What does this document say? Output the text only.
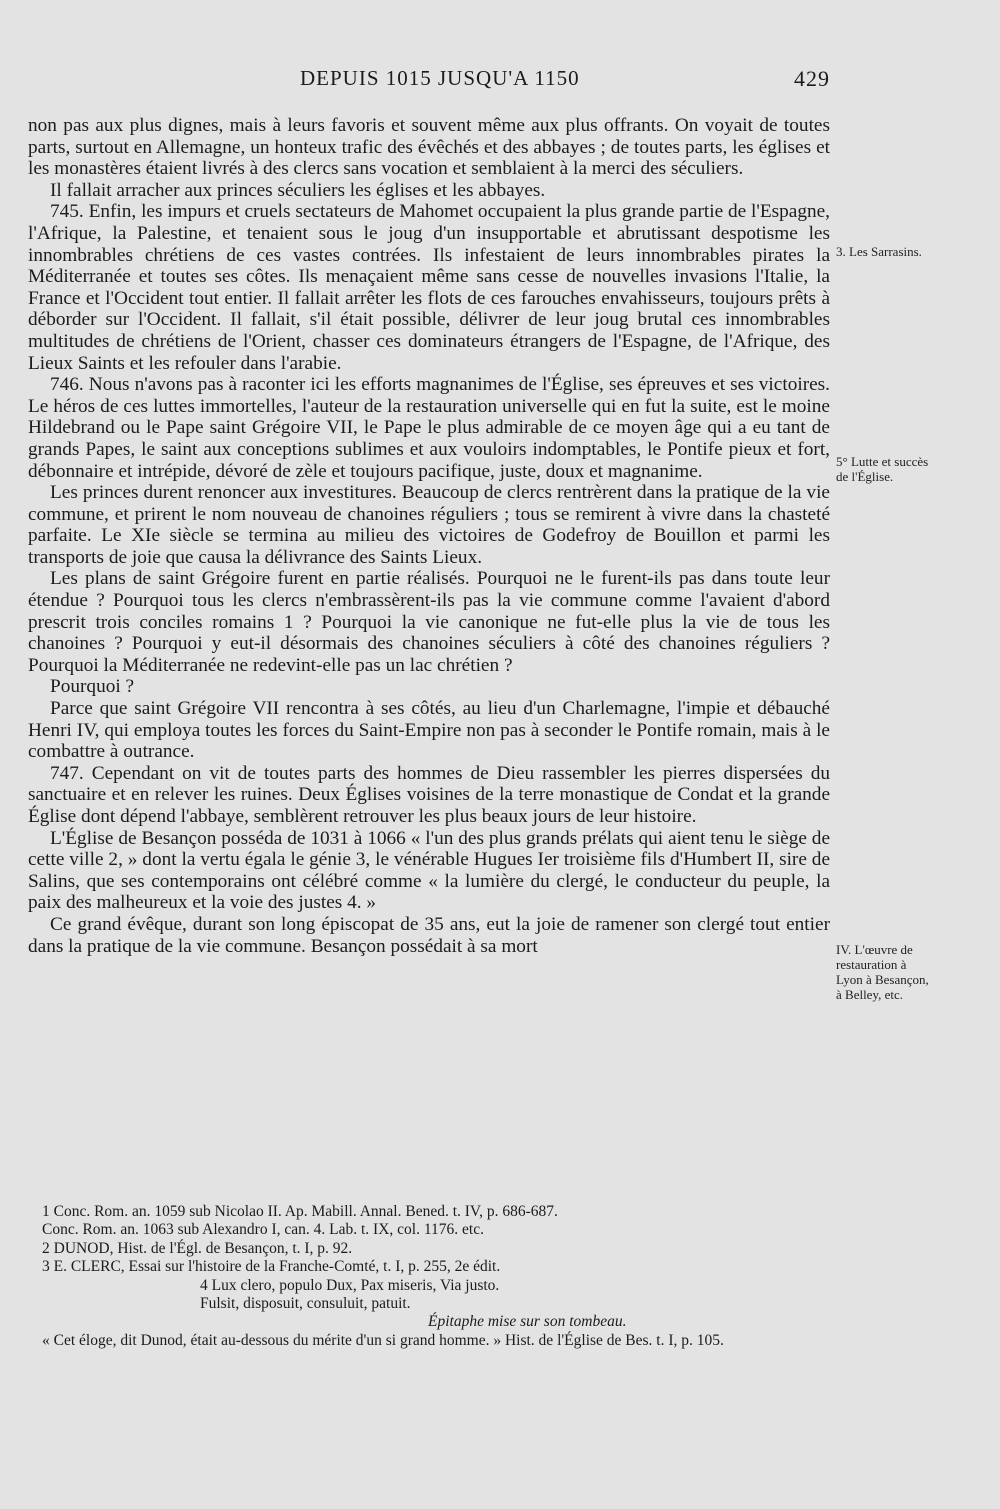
DEPUIS 1015 JUSQU'A 1150	429

non pas aux plus dignes, mais à leurs favoris et souvent même aux plus offrants. On voyait de toutes parts, surtout en Allemagne, un honteux trafic des évêchés et des abbayes ; de toutes parts, les églises et les monastères étaient livrés à des clercs sans vocation et semblaient à la merci des séculiers.

Il fallait arracher aux princes séculiers les églises et les abbayes.

745. Enfin, les impurs et cruels sectateurs de Mahomet occupaient la plus grande partie de l'Espagne, l'Afrique, la Palestine, et tenaient sous le joug d'un insupportable et abrutissant despotisme les innombrables chrétiens de ces vastes contrées. Ils infestaient de leurs innombrables pirates la Méditerranée et toutes ses côtes. Ils menaçaient même sans cesse de nouvelles invasions l'Italie, la France et l'Occident tout entier. Il fallait arrêter les flots de ces farouches envahisseurs, toujours prêts à déborder sur l'Occident. Il fallait, s'il était possible, délivrer de leur joug brutal ces innombrables multitudes de chrétiens de l'Orient, chasser ces dominateurs étrangers de l'Espagne, de l'Afrique, des Lieux Saints et les refouler dans l'arabie.

746. Nous n'avons pas à raconter ici les efforts magnanimes de l'Église, ses épreuves et ses victoires. Le héros de ces luttes immortelles, l'auteur de la restauration universelle qui en fut la suite, est le moine Hildebrand ou le Pape saint Grégoire VII, le Pape le plus admirable de ce moyen âge qui a eu tant de grands Papes, le saint aux conceptions sublimes et aux vouloirs indomptables, le Pontife pieux et fort, débonnaire et intrépide, dévoré de zèle et toujours pacifique, juste, doux et magnanime.

Les princes durent renoncer aux investitures. Beaucoup de clercs rentrèrent dans la pratique de la vie commune, et prirent le nom nouveau de chanoines réguliers ; tous se remirent à vivre dans la chasteté parfaite. Le XIe siècle se termina au milieu des victoires de Godefroy de Bouillon et parmi les transports de joie que causa la délivrance des Saints Lieux.

Les plans de saint Grégoire furent en partie réalisés. Pourquoi ne le furent-ils pas dans toute leur étendue ? Pourquoi tous les clercs n'embrassèrent-ils pas la vie commune comme l'avaient d'abord prescrit trois conciles romains 1 ? Pourquoi la vie canonique ne fut-elle plus la vie de tous les chanoines ? Pourquoi y eut-il désormais des chanoines séculiers à côté des chanoines réguliers ? Pourquoi la Méditerranée ne redevint-elle pas un lac chrétien ?

Pourquoi ?

Parce que saint Grégoire VII rencontra à ses côtés, au lieu d'un Charlemagne, l'impie et débauché Henri IV, qui employa toutes les forces du Saint-Empire non pas à seconder le Pontife romain, mais à le combattre à outrance.

747. Cependant on vit de toutes parts des hommes de Dieu rassembler les pierres dispersées du sanctuaire et en relever les ruines. Deux Églises voisines de la terre monastique de Condat et la grande Église dont dépend l'abbaye, semblèrent retrouver les plus beaux jours de leur histoire.

L'Église de Besançon posséda de 1031 à 1066 « l'un des plus grands prélats qui aient tenu le siège de cette ville 2, » dont la vertu égala le génie 3, le vénérable Hugues Ier troisième fils d'Humbert II, sire de Salins, que ses contemporains ont célébré comme « la lumière du clergé, le conducteur du peuple, la paix des malheureux et la voie des justes 4. »

Ce grand évêque, durant son long épiscopat de 35 ans, eut la joie de ramener son clergé tout entier dans la pratique de la vie commune. Besançon possédait à sa mort

3. Les Sarrasins.
5° Lutte et succès de l'Église.
IV. L'œuvre de restauration à Lyon à Besançon, à Belley, etc.
1 Conc. Rom. an. 1059 sub Nicolao II. Ap. Mabill. Annal. Bened. t. IV, p. 686-687.
Conc. Rom. an. 1063 sub Alexandro I, can. 4. Lab. t. IX, col. 1176. etc.
2 DUNOD, Hist. de l'Égl. de Besançon, t. I, p. 92.
3 E. CLERC, Essai sur l'histoire de la Franche-Comté, t. I, p. 255, 2e édit.
4 Lux clero, populo Dux, Pax miseris, Via justo.
Fulsit, disposuit, consuluit, patuit.
Épitaphe mise sur son tombeau.
« Cet éloge, dit Dunod, était au-dessous du mérite d'un si grand homme. » Hist. de l'Église de Bes. t. I, p. 105.
